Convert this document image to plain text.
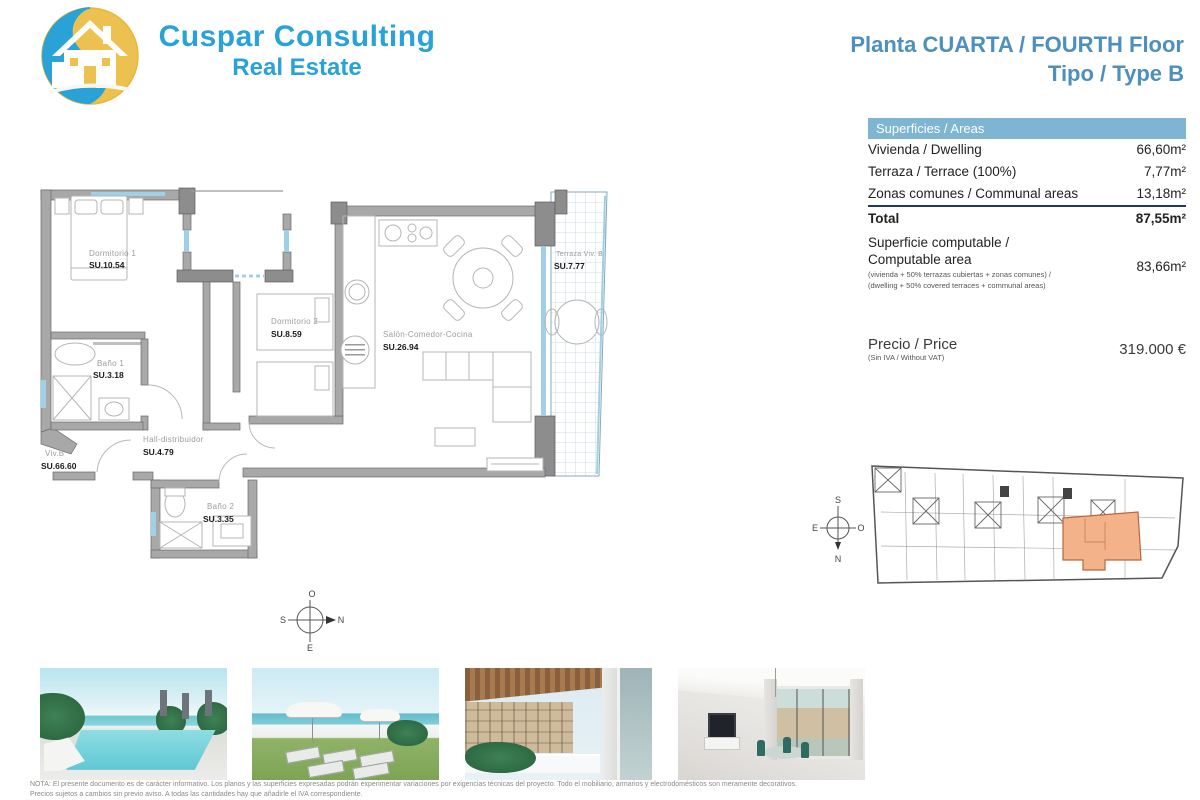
Cuspar Consulting
Real Estate
Planta CUARTA / FOURTH Floor
Tipo / Type B
Superficies / Areas
Vivienda / Dwelling	66,60m²
Terraza / Terrace (100%)	7,77m²
Zonas comunes / Communal areas	13,18m²
Total	87,55m²
Superficie computable /
Computable area
(vivienda + 50% terrazas cubiertas + zonas comunes) /
(dwelling + 50% covered terraces + communal areas)
83,66m²
Precio / Price
(Sin IVA / Without VAT)	319.000 €
Dormitorio 1
SU.10.54
Baño 1
SU.3.18
Dormitorio 2
SU.8.59	Salón-Comedor-Cocina
SU.26.94
Terraza Viv. B
SU.7.77
Hall-distribuidor
SU.4.79
Baño 2
SU.3.35
Viv.B
SU.66.60
O
N
E
S
S
O
N
E
NOTA: El presente documento es de carácter informativo. Los planos y las superficies expresadas podrán experimentar variaciones por exigencias técnicas del proyecto. Todo el mobiliario, armarios y electrodomésticos son meramente decorativos.
Precios sujetos a cambios sin previo aviso. A todas las cantidades hay que añadirle el IVA correspondiente.
